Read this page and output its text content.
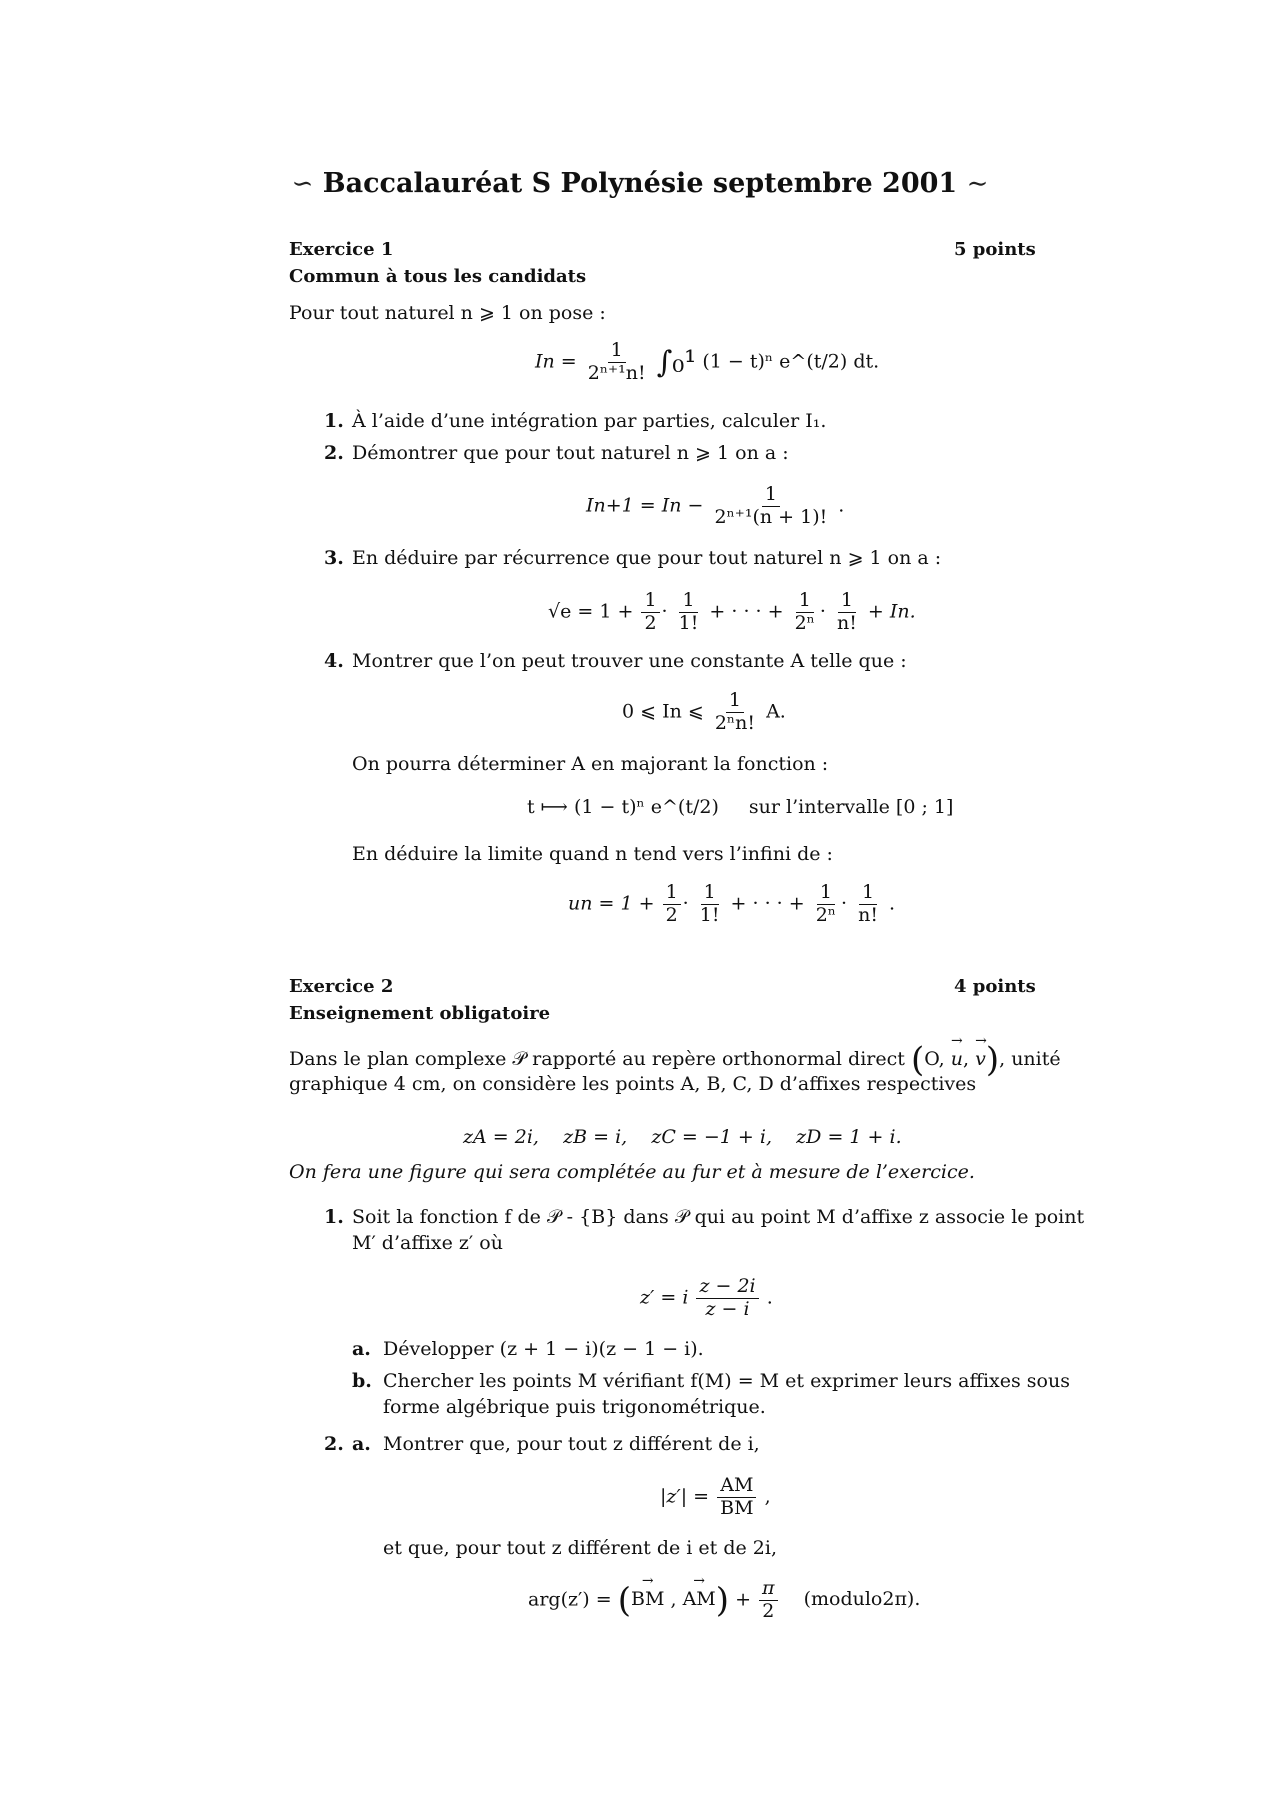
∽ Baccalauréat S Polynésie septembre 2001 ∼
Exercice 1	5 points
Commun à tous les candidats
Pour tout naturel n ⩾ 1 on pose :
$In = \frac{1}{\text{2ⁿ⁺¹n!}} \int_0^1$ (1 − t)ⁿ e^(t/2) dt.
1. À l’aide d’une intégration par parties, calculer I₁.
2. Démontrer que pour tout naturel n ⩾ 1 on a :
$In+1 = In - \frac{1}{\text{2ⁿ⁺¹(n + 1)!}}$ .
3. En déduire par récurrence que pour tout naturel n ⩾ 1 on a :
$√e = 1 + \frac{1}{2} \cdot \frac{1}{1!}$ + · · · + $\frac{1}{\text{2ⁿ}} \cdot \frac{1}{n!} + In$.
4. Montrer que l’on peut trouver une constante A telle que :
0 ⩽ In ⩽ $\frac{1}{\text{2ⁿn!}} A$.
On pourra déterminer A en majorant la fonction :
t ⟼ (1 − t)ⁿ e^(t/2) sur l’intervalle [0 ; 1]
En déduire la limite quand n tend vers l’infini de :
un = $1 + \frac{1}{2} \cdot \frac{1}{1!}$ + · · · + $\frac{1}{\text{2ⁿ}} \cdot \frac{1}{n!}$ .
Exercice 2	4 points
Enseignement obligatoire
Dans le plan complexe 𝒫 rapporté au repère orthonormal direct (O, → u, → v), unité
graphique 4 cm, on considère les points A, B, C, D d’affixes respectives
zA = 2i,    zB = i,    zC = −1 + i,    zD = 1 + i.
On fera une figure qui sera complétée au fur et à mesure de l’exercice.
1. Soit la fonction f de 𝒫 - {B} dans 𝒫 qui au point M d’affixe z associe le point
M′ d’affixe z′ où
z′ = i $\frac{z - 2i}{z - i}$ .
a. Développer (z + 1 − i)(z − 1 − i).
b. Chercher les points M vérifiant f(M) = M et exprimer leurs affixes sous
forme algébrique puis trigonométrique.
2. a. Montrer que, pour tout z différent de i,
$|z'| = \frac{AM}{BM}$ ,
et que, pour tout z différent de i et de 2i,
arg(z′) = (→ BM , → $AM) + \frac{\pi}{2}$ (modulo2π).
